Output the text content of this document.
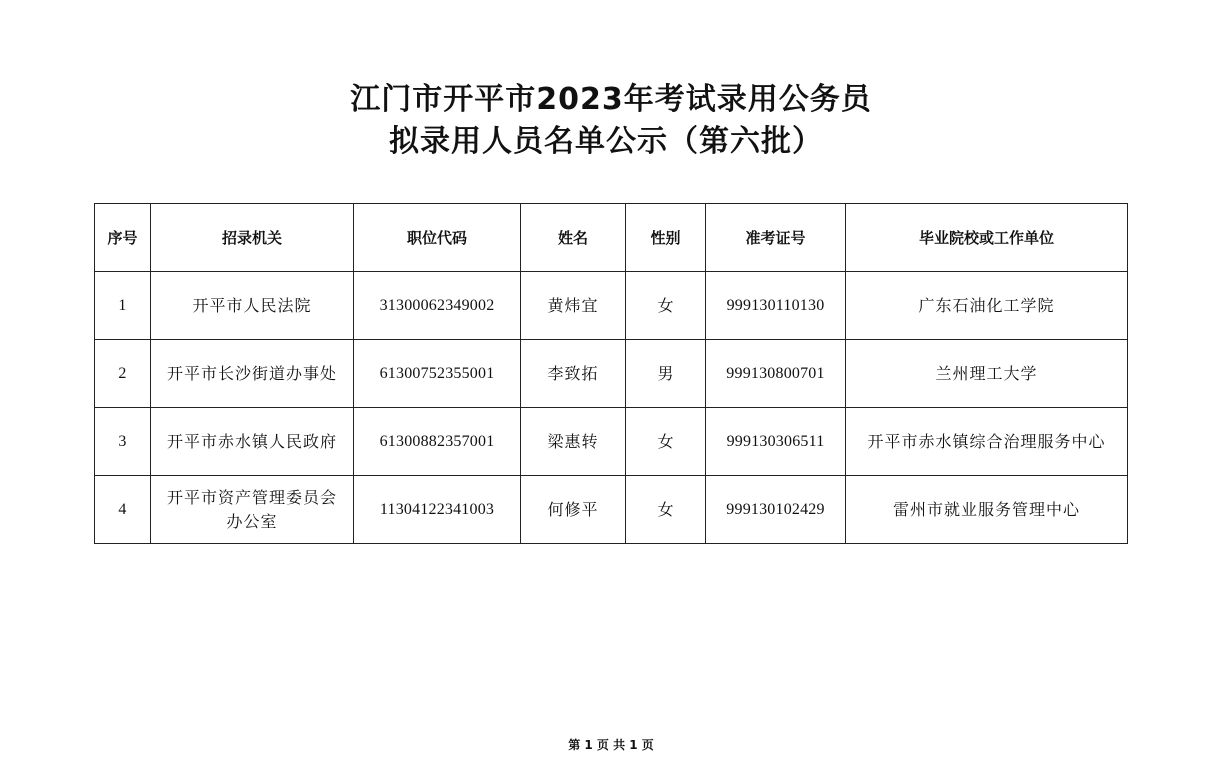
江门市开平市2023年考试录用公务员
拟录用人员名单公示（第六批）
序号	招录机关	职位代码	姓名	性别	准考证号	毕业院校或工作单位
1	开平市人民法院	31300062349002	黄炜宜	女	999130110130	广东石油化工学院
2	开平市长沙街道办事处	61300752355001	李致拓	男	999130800701	兰州理工大学
3	开平市赤水镇人民政府	61300882357001	梁惠转	女	999130306511	开平市赤水镇综合治理服务中心
4	开平市资产管理委员会办公室	11304122341003	何修平	女	999130102429	雷州市就业服务管理中心
第 1 页 共 1 页
